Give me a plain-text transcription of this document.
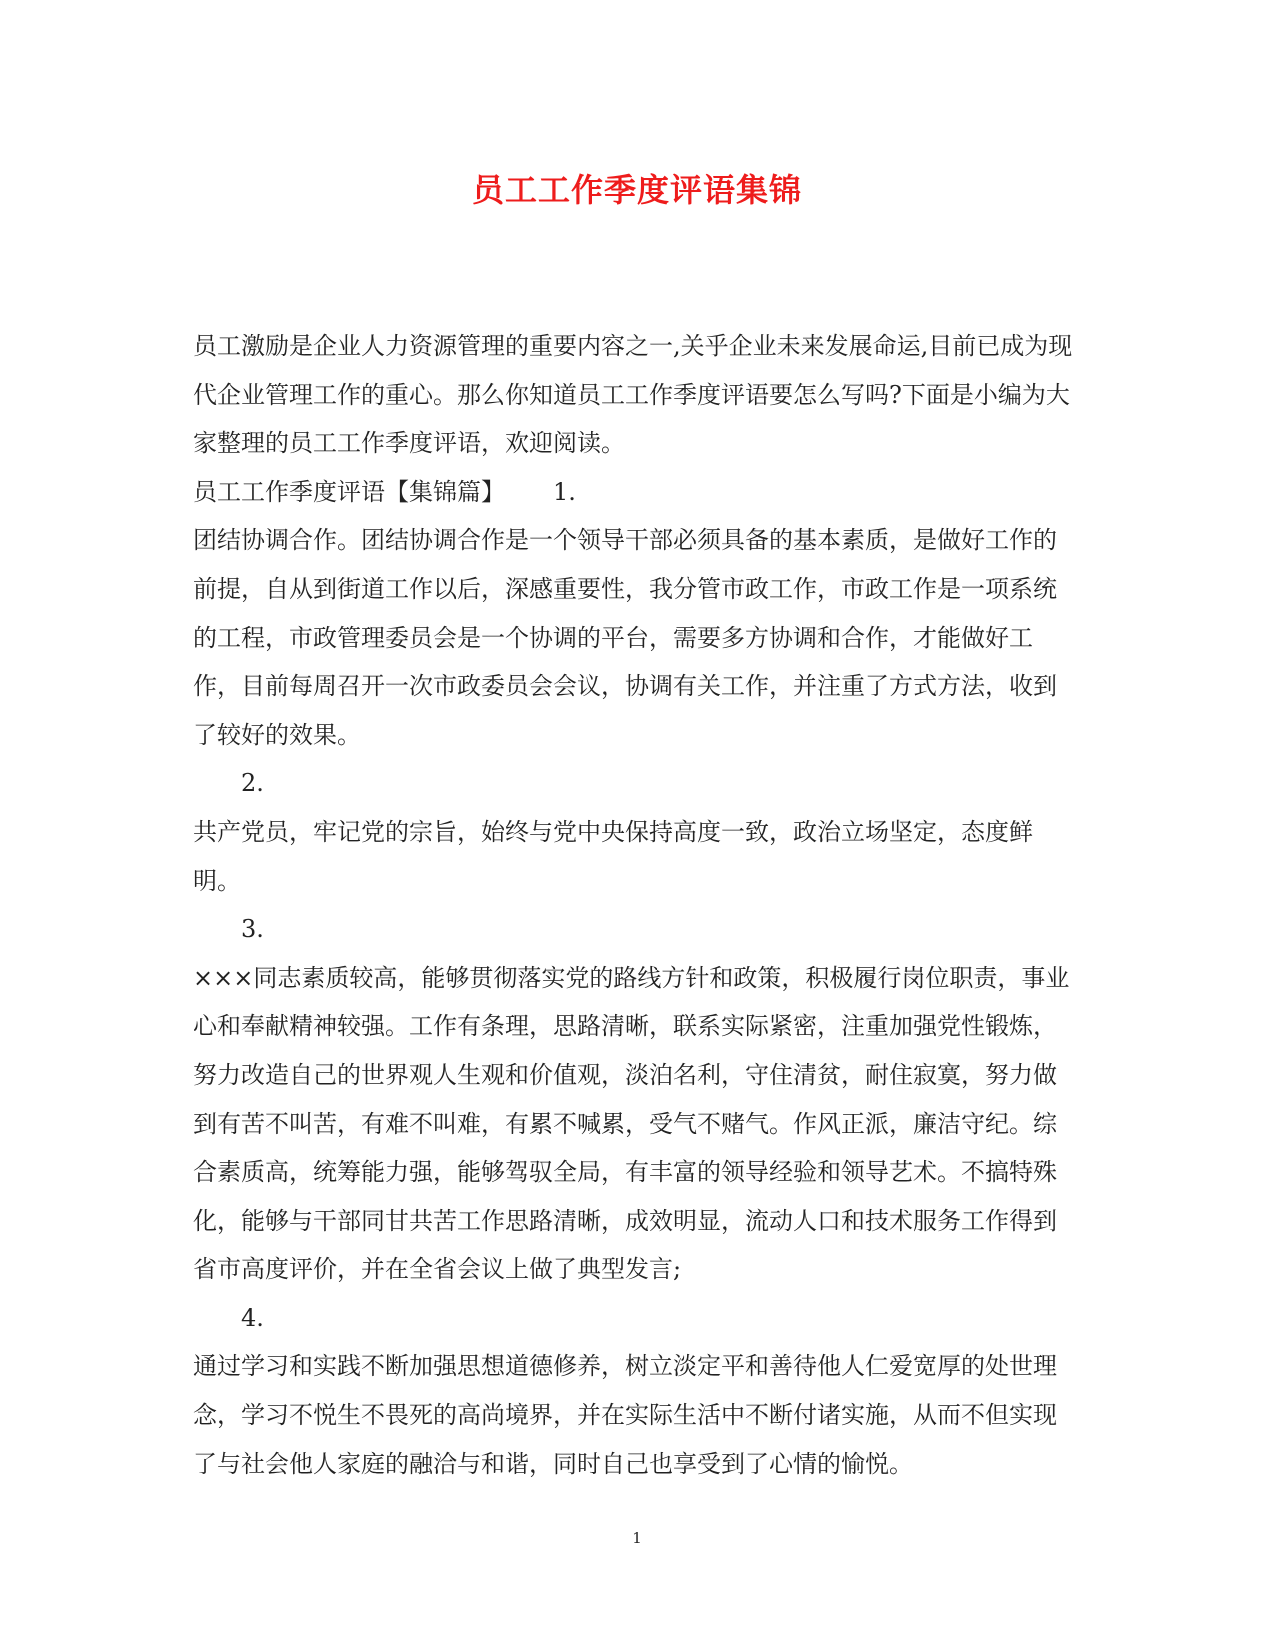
员工工作季度评语集锦

员工激励是企业人力资源管理的重要内容之一,关乎企业未来发展命运,目前已成为现代企业管理工作的重心。那么你知道员工工作季度评语要怎么写吗?下面是小编为大家整理的员工工作季度评语，欢迎阅读。

员工工作季度评语【集锦篇】 1.

团结协调合作。团结协调合作是一个领导干部必须具备的基本素质，是做好工作的前提，自从到街道工作以后，深感重要性，我分管市政工作，市政工作是一项系统的工程，市政管理委员会是一个协调的平台，需要多方协调和合作，才能做好工作，目前每周召开一次市政委员会会议，协调有关工作，并注重了方式方法，收到了较好的效果。

2.

共产党员，牢记党的宗旨，始终与党中央保持高度一致，政治立场坚定，态度鲜明。

3.

×××同志素质较高，能够贯彻落实党的路线方针和政策，积极履行岗位职责，事业心和奉献精神较强。工作有条理，思路清晰，联系实际紧密，注重加强党性锻炼，努力改造自己的世界观人生观和价值观，淡泊名利，守住清贫，耐住寂寞，努力做到有苦不叫苦，有难不叫难，有累不喊累，受气不赌气。作风正派，廉洁守纪。综合素质高，统筹能力强，能够驾驭全局，有丰富的领导经验和领导艺术。不搞特殊化，能够与干部同甘共苦工作思路清晰，成效明显，流动人口和技术服务工作得到省市高度评价，并在全省会议上做了典型发言;

4.

通过学习和实践不断加强思想道德修养，树立淡定平和善待他人仁爱宽厚的处世理念，学习不悦生不畏死的高尚境界，并在实际生活中不断付诸实施，从而不但实现了与社会他人家庭的融洽与和谐，同时自己也享受到了心情的愉悦。

1
